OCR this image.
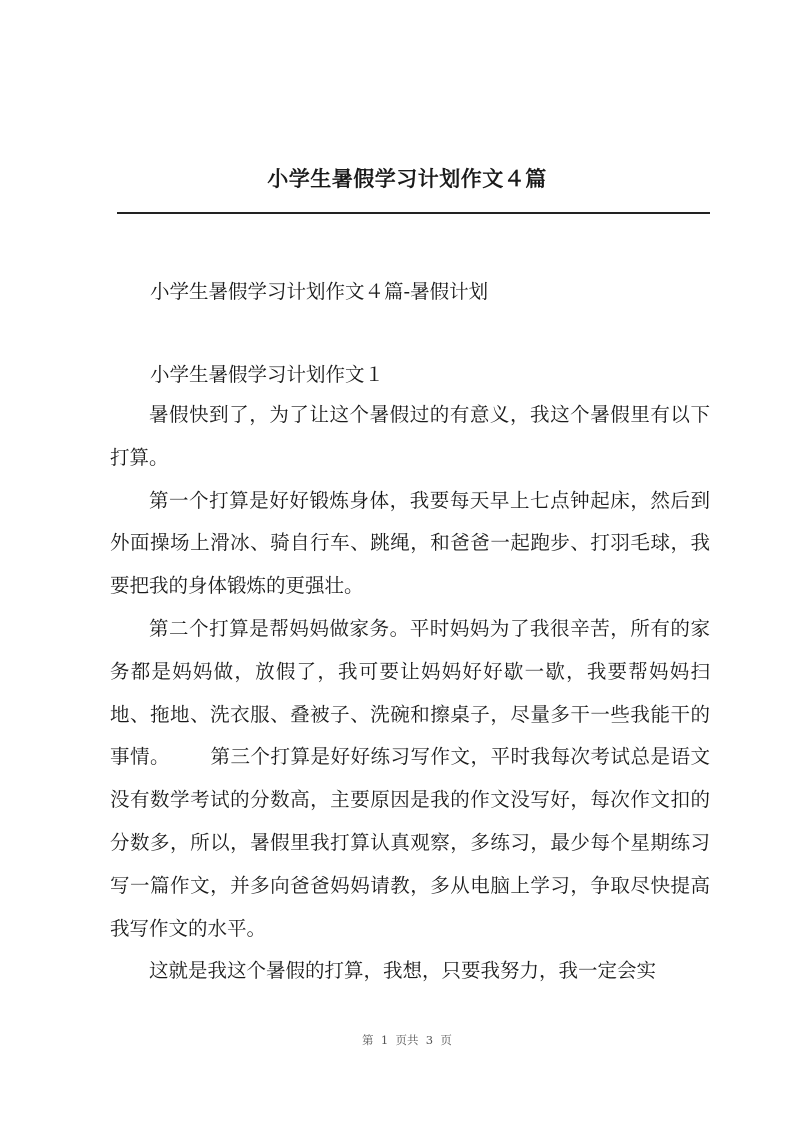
小学生暑假学习计划作文４篇

小学生暑假学习计划作文４篇-暑假计划

小学生暑假学习计划作文１

暑假快到了，为了让这个暑假过的有意义，我这个暑假里有以下打算。

第一个打算是好好锻炼身体，我要每天早上七点钟起床，然后到外面操场上滑冰、骑自行车、跳绳，和爸爸一起跑步、打羽毛球，我要把我的身体锻炼的更强壮。

第二个打算是帮妈妈做家务。平时妈妈为了我很辛苦，所有的家务都是妈妈做，放假了，我可要让妈妈好好歇一歇，我要帮妈妈扫地、拖地、洗衣服、叠被子、洗碗和擦桌子，尽量多干一些我能干的事情。 第三个打算是好好练习写作文，平时我每次考试总是语文没有数学考试的分数高，主要原因是我的作文没写好，每次作文扣的分数多，所以，暑假里我打算认真观察，多练习，最少每个星期练习写一篇作文，并多向爸爸妈妈请教，多从电脑上学习，争取尽快提高我写作文的水平。

这就是我这个暑假的打算，我想，只要我努力，我一定会实

第  1  页共  3  页
